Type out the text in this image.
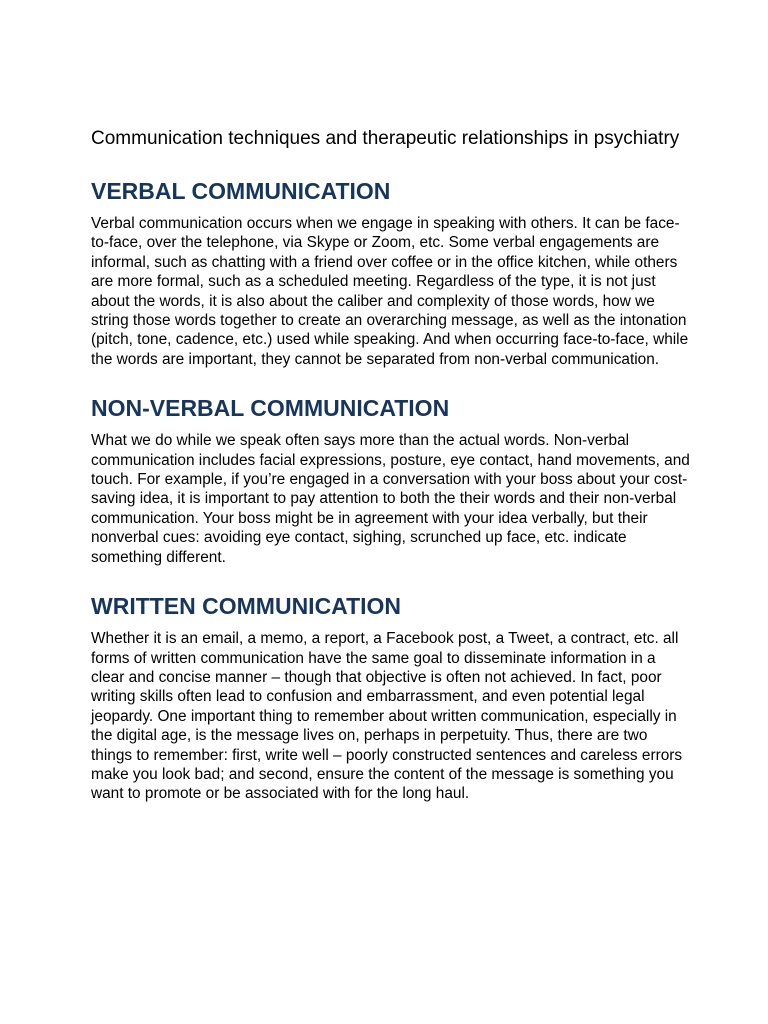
Communication techniques and therapeutic relationships in psychiatry

VERBAL COMMUNICATION

Verbal communication occurs when we engage in speaking with others. It can be face-to-face, over the telephone, via Skype or Zoom, etc. Some verbal engagements are informal, such as chatting with a friend over coffee or in the office kitchen, while others are more formal, such as a scheduled meeting. Regardless of the type, it is not just about the words, it is also about the caliber and complexity of those words, how we string those words together to create an overarching message, as well as the intonation (pitch, tone, cadence, etc.) used while speaking. And when occurring face-to-face, while the words are important, they cannot be separated from non-verbal communication.

NON-VERBAL COMMUNICATION

What we do while we speak often says more than the actual words. Non-verbal communication includes facial expressions, posture, eye contact, hand movements, and touch. For example, if you’re engaged in a conversation with your boss about your cost-saving idea, it is important to pay attention to both the their words and their non-verbal communication. Your boss might be in agreement with your idea verbally, but their nonverbal cues: avoiding eye contact, sighing, scrunched up face, etc. indicate something different.

WRITTEN COMMUNICATION

Whether it is an email, a memo, a report, a Facebook post, a Tweet, a contract, etc. all forms of written communication have the same goal to disseminate information in a clear and concise manner – though that objective is often not achieved. In fact, poor writing skills often lead to confusion and embarrassment, and even potential legal jeopardy. One important thing to remember about written communication, especially in the digital age, is the message lives on, perhaps in perpetuity. Thus, there are two things to remember: first, write well – poorly constructed sentences and careless errors make you look bad; and second, ensure the content of the message is something you want to promote or be associated with for the long haul.
